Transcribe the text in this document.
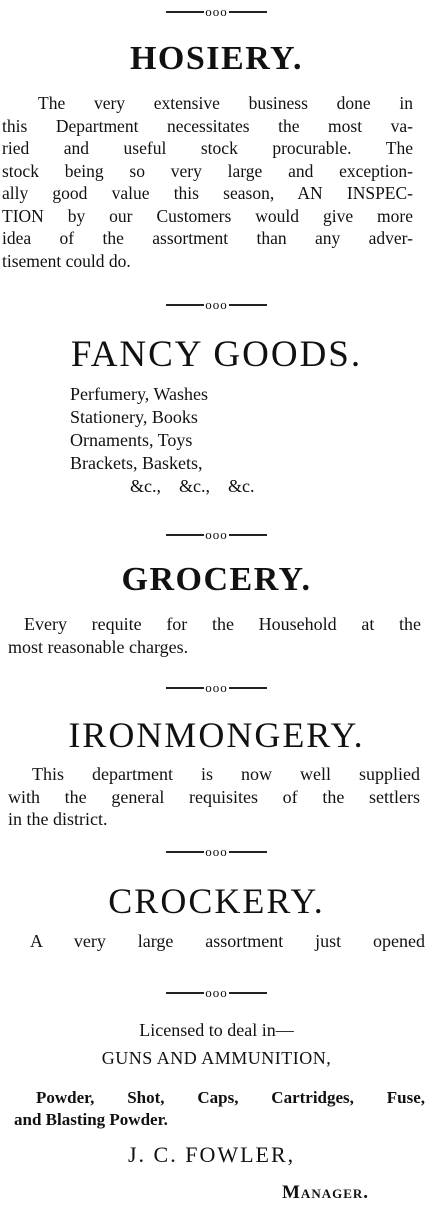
ooo
HOSIERY.
The very extensive business done in
this Department necessitates the most va-
ried and useful stock procurable. The
stock being so very large and exception-
ally good value this season, AN INSPEC-
TION by our Customers would give more
idea of the assortment than any adver-
tisement could do.
ooo
FANCY GOODS.
Perfumery, Washes
Stationery, Books
Ornaments, Toys
Brackets, Baskets,
&c.,    &c.,    &c.
ooo
GROCERY.
Every requite for the Household at the
most reasonable charges.
ooo
IRONMONGERY.
This department is now well supplied
with the general requisites of the settlers
in the district.
ooo
CROCKERY.
A very large assortment just opened
ooo
Licensed to deal in—
GUNS AND AMMUNITION,
Powder, Shot, Caps, Cartridges, Fuse,
and Blasting Powder.
J. C. FOWLER,
Manager.
